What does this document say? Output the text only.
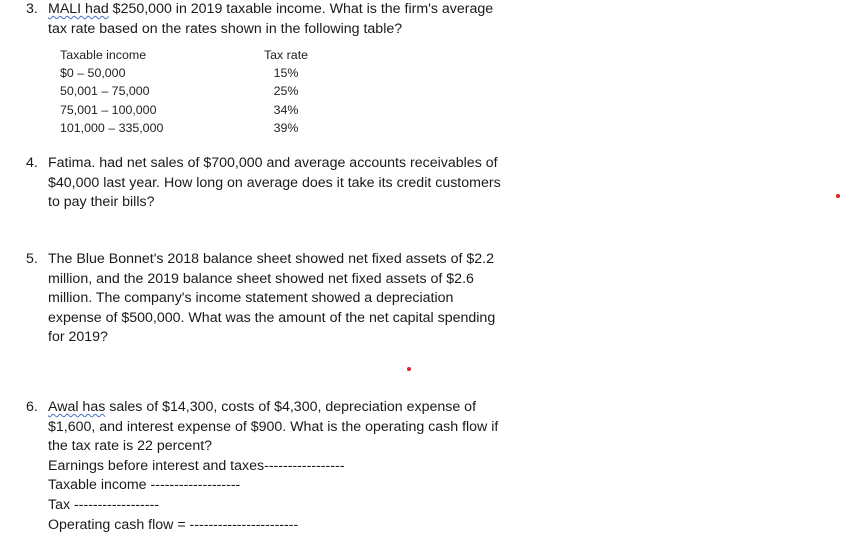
3. MALI had $250,000 in 2019 taxable income. What is the firm's average

tax rate based on the rates shown in the following table?

Taxable income	Tax rate
$0 – 50,000	15%
50,001 – 75,000	25%
75,001 – 100,000	34%
101,000 – 335,000	39%
4. Fatima. had net sales of $700,000 and average accounts receivables of

$40,000 last year. How long on average does it take its credit customers

to pay their bills?

5. The Blue Bonnet's 2018 balance sheet showed net fixed assets of $2.2

million, and the 2019 balance sheet showed net fixed assets of $2.6

million. The company's income statement showed a depreciation

expense of $500,000. What was the amount of the net capital spending

for 2019?

6. Awal has sales of $14,300, costs of $4,300, depreciation expense of

$1,600, and interest expense of $900. What is the operating cash flow if

the tax rate is 22 percent?

Earnings before interest and taxes-----------------

Taxable income -------------------

Tax ------------------

Operating cash flow = -----------------------
